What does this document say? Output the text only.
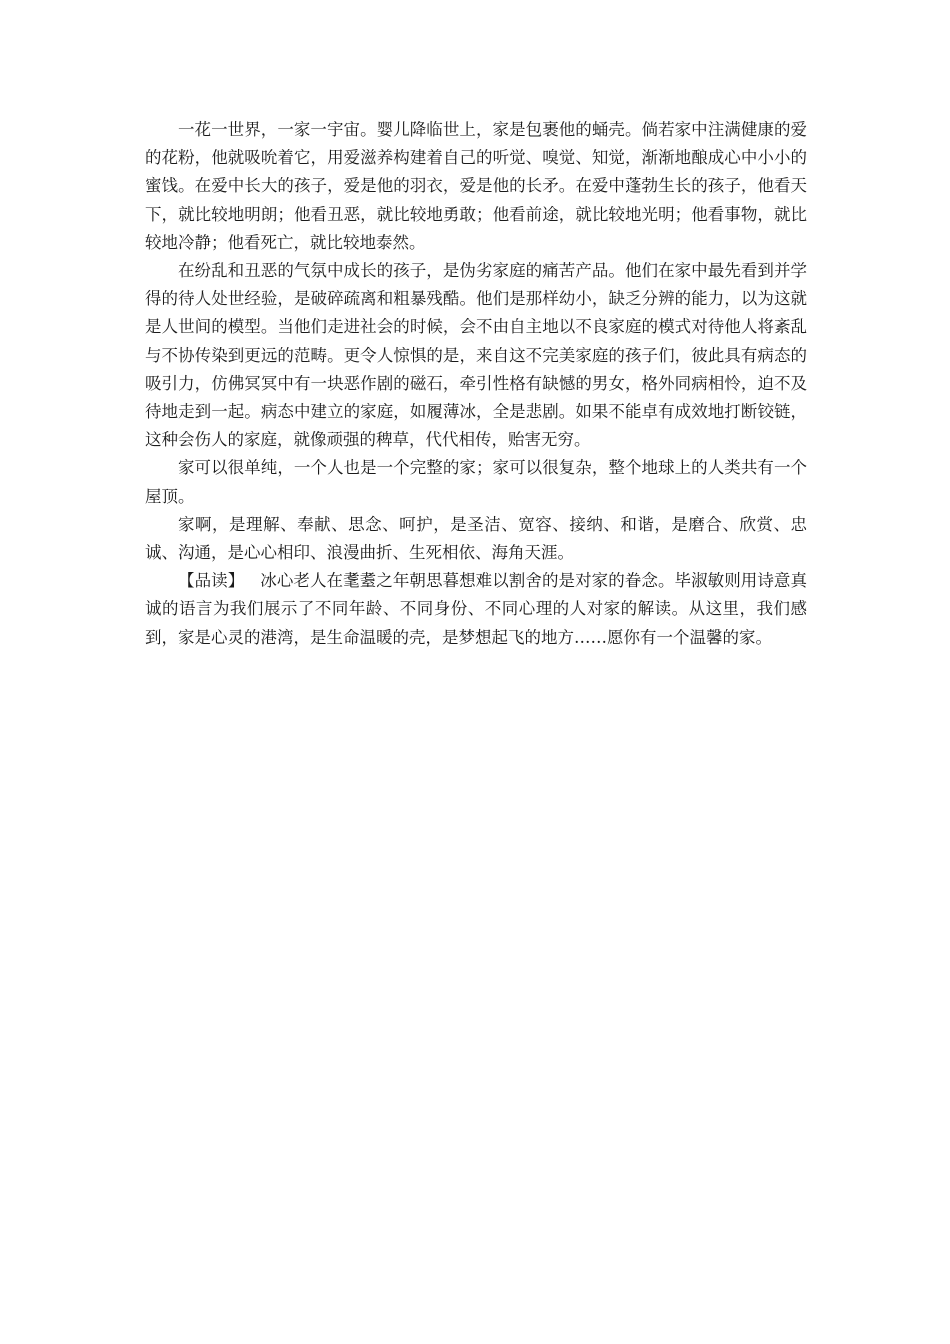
一花一世界，一家一宇宙。婴儿降临世上，家是包裹他的蛹壳。倘若家中注满健康的爱的花粉，他就吸吮着它，用爱滋养构建着自己的听觉、嗅觉、知觉，渐渐地酿成心中小小的蜜饯。在爱中长大的孩子，爱是他的羽衣，爱是他的长矛。在爱中蓬勃生长的孩子，他看天下，就比较地明朗；他看丑恶，就比较地勇敢；他看前途，就比较地光明；他看事物，就比较地冷静；他看死亡，就比较地泰然。

在纷乱和丑恶的气氛中成长的孩子，是伪劣家庭的痛苦产品。他们在家中最先看到并学得的待人处世经验，是破碎疏离和粗暴残酷。他们是那样幼小，缺乏分辨的能力，以为这就是人世间的模型。当他们走进社会的时候，会不由自主地以不良家庭的模式对待他人将紊乱与不协传染到更远的范畴。更令人惊惧的是，来自这不完美家庭的孩子们，彼此具有病态的吸引力，仿佛冥冥中有一块恶作剧的磁石，牵引性格有缺憾的男女，格外同病相怜，迫不及待地走到一起。病态中建立的家庭，如履薄冰，全是悲剧。如果不能卓有成效地打断铰链，这种会伤人的家庭，就像顽强的稗草，代代相传，贻害无穷。

家可以很单纯，一个人也是一个完整的家；家可以很复杂，整个地球上的人类共有一个屋顶。

家啊，是理解、奉献、思念、呵护，是圣洁、宽容、接纳、和谐，是磨合、欣赏、忠诚、沟通，是心心相印、浪漫曲折、生死相依、海角天涯。

【品读】 冰心老人在耄耋之年朝思暮想难以割舍的是对家的眷念。毕淑敏则用诗意真诚的语言为我们展示了不同年龄、不同身份、不同心理的人对家的解读。从这里，我们感到，家是心灵的港湾，是生命温暖的壳，是梦想起飞的地方……愿你有一个温馨的家。
